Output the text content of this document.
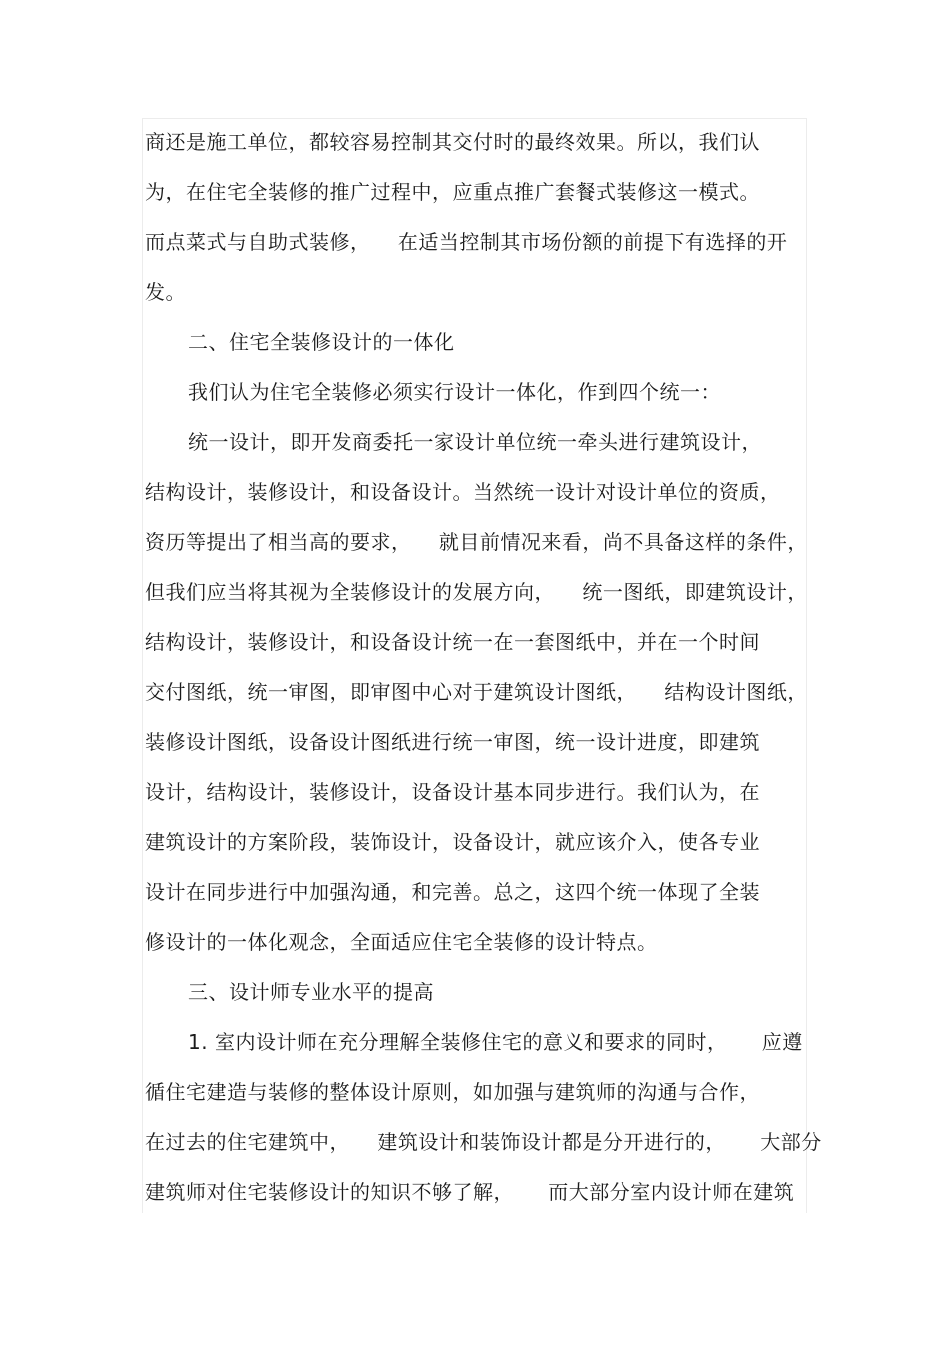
商还是施工单位，都较容易控制其交付时的最终效果。所以，我们认
为，在住宅全装修的推广过程中，应重点推广套餐式装修这一模式。
而点菜式与自助式装修，    在适当控制其市场份额的前提下有选择的开
发。
二、住宅全装修设计的一体化
我们认为住宅全装修必须实行设计一体化，作到四个统一：
统一设计，即开发商委托一家设计单位统一牵头进行建筑设计，
结构设计，装修设计，和设备设计。当然统一设计对设计单位的资质，
资历等提出了相当高的要求，    就目前情况来看，尚不具备这样的条件，
但我们应当将其视为全装修设计的发展方向，    统一图纸，即建筑设计，
结构设计，装修设计，和设备设计统一在一套图纸中，并在一个时间
交付图纸，统一审图，即审图中心对于建筑设计图纸，    结构设计图纸，
装修设计图纸，设备设计图纸进行统一审图，统一设计进度，即建筑
设计，结构设计，装修设计，设备设计基本同步进行。我们认为，在
建筑设计的方案阶段，装饰设计，设备设计，就应该介入，使各专业
设计在同步进行中加强沟通，和完善。总之，这四个统一体现了全装
修设计的一体化观念，全面适应住宅全装修的设计特点。
三、设计师专业水平的提高
1. 室内设计师在充分理解全装修住宅的意义和要求的同时，     应遵
循住宅建造与装修的整体设计原则，如加强与建筑师的沟通与合作，
在过去的住宅建筑中，    建筑设计和装饰设计都是分开进行的，     大部分
建筑师对住宅装修设计的知识不够了解，     而大部分室内设计师在建筑
